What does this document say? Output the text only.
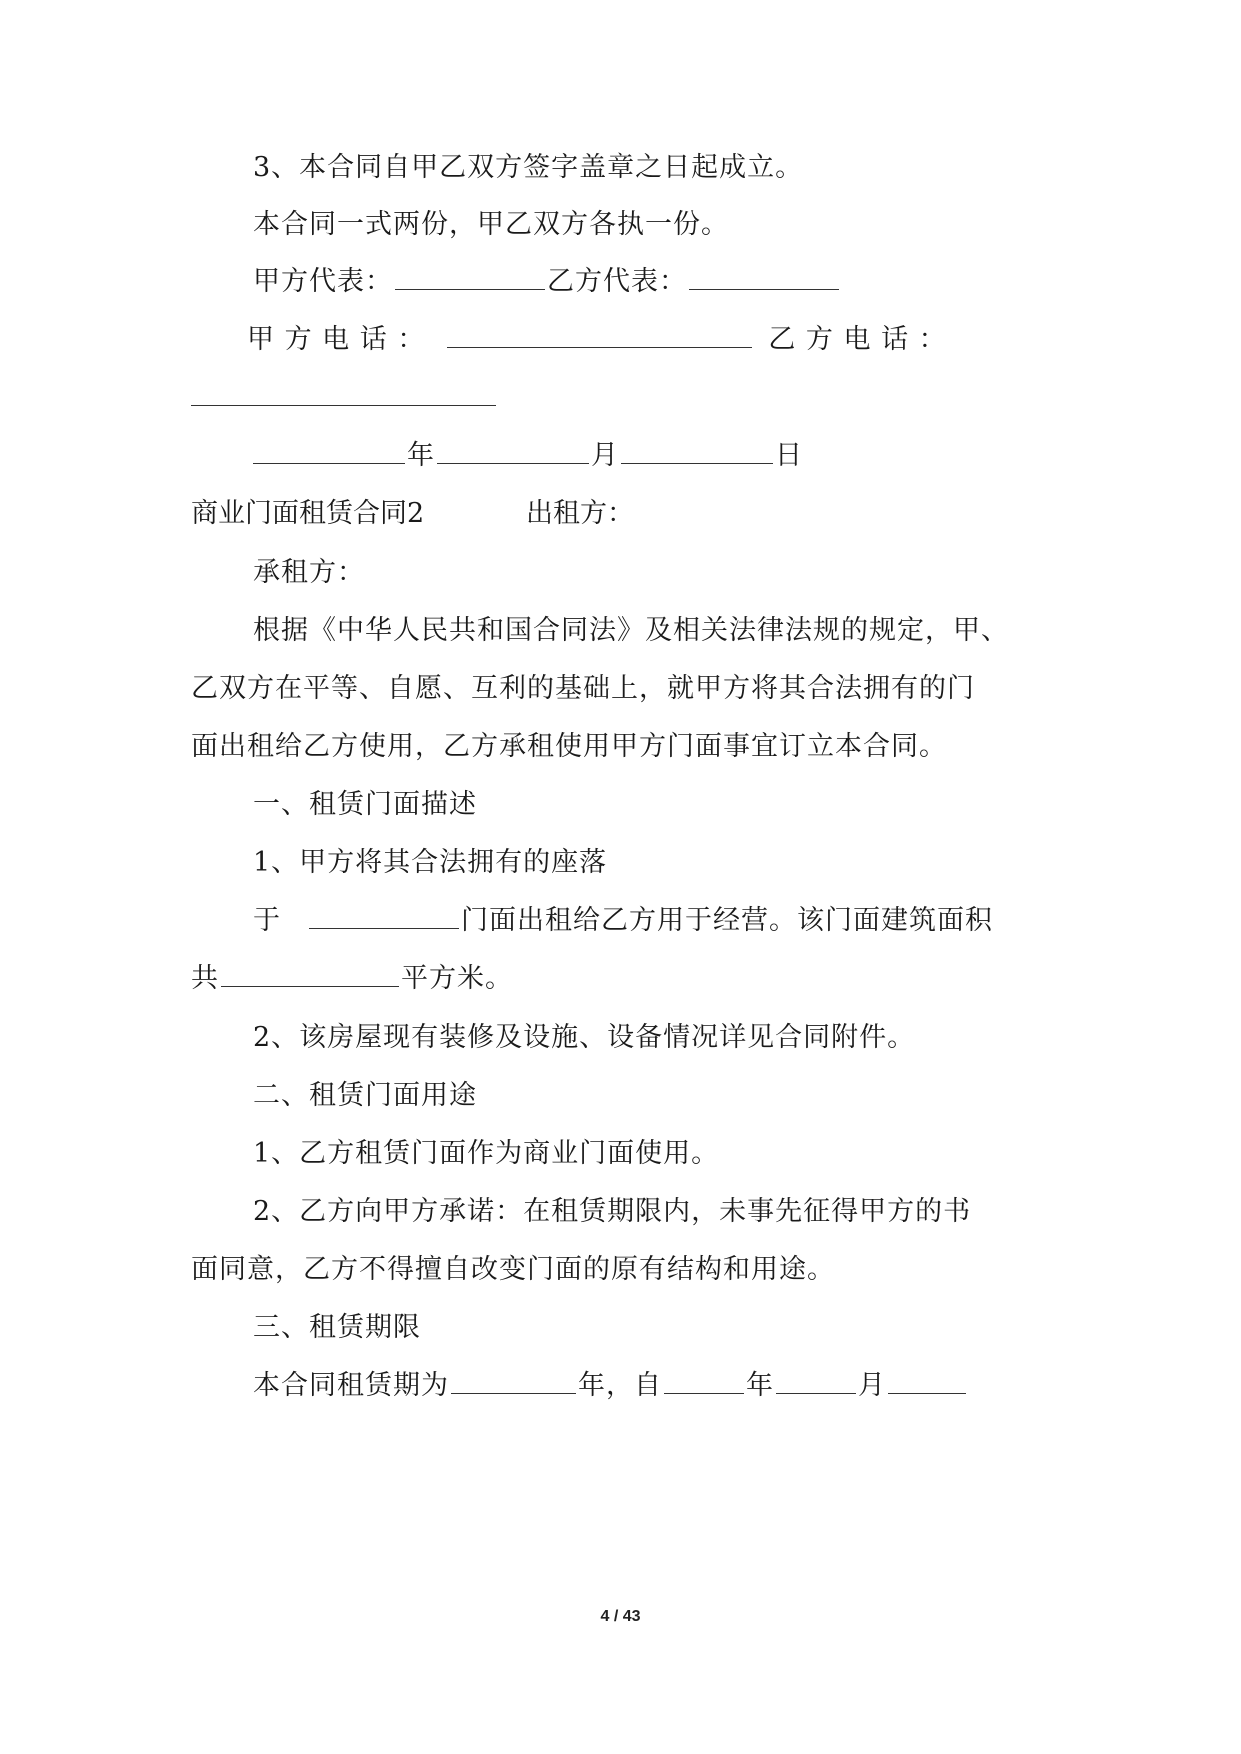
3、本合同自甲乙双方签字盖章之日起成立。
本合同一式两份，甲乙双方各执一份。
甲方代表：	乙方代表：
甲 方 电 话 ：	乙 方 电 话 ：
年	月	日
商业门面租赁合同2	出租方：
承租方：
根据《中华人民共和国合同法》及相关法律法规的规定，甲、
乙双方在平等、自愿、互利的基础上，就甲方将其合法拥有的门
面出租给乙方使用，乙方承租使用甲方门面事宜订立本合同。
一、租赁门面描述
1、甲方将其合法拥有的座落
于	门面出租给乙方用于经营。该门面建筑面积
共	平方米。
2、该房屋现有装修及设施、设备情况详见合同附件。
二、租赁门面用途
1、乙方租赁门面作为商业门面使用。
2、乙方向甲方承诺：在租赁期限内，未事先征得甲方的书
面同意，乙方不得擅自改变门面的原有结构和用途。
三、租赁期限
本合同租赁期为	年，自	年	月
4 / 43
